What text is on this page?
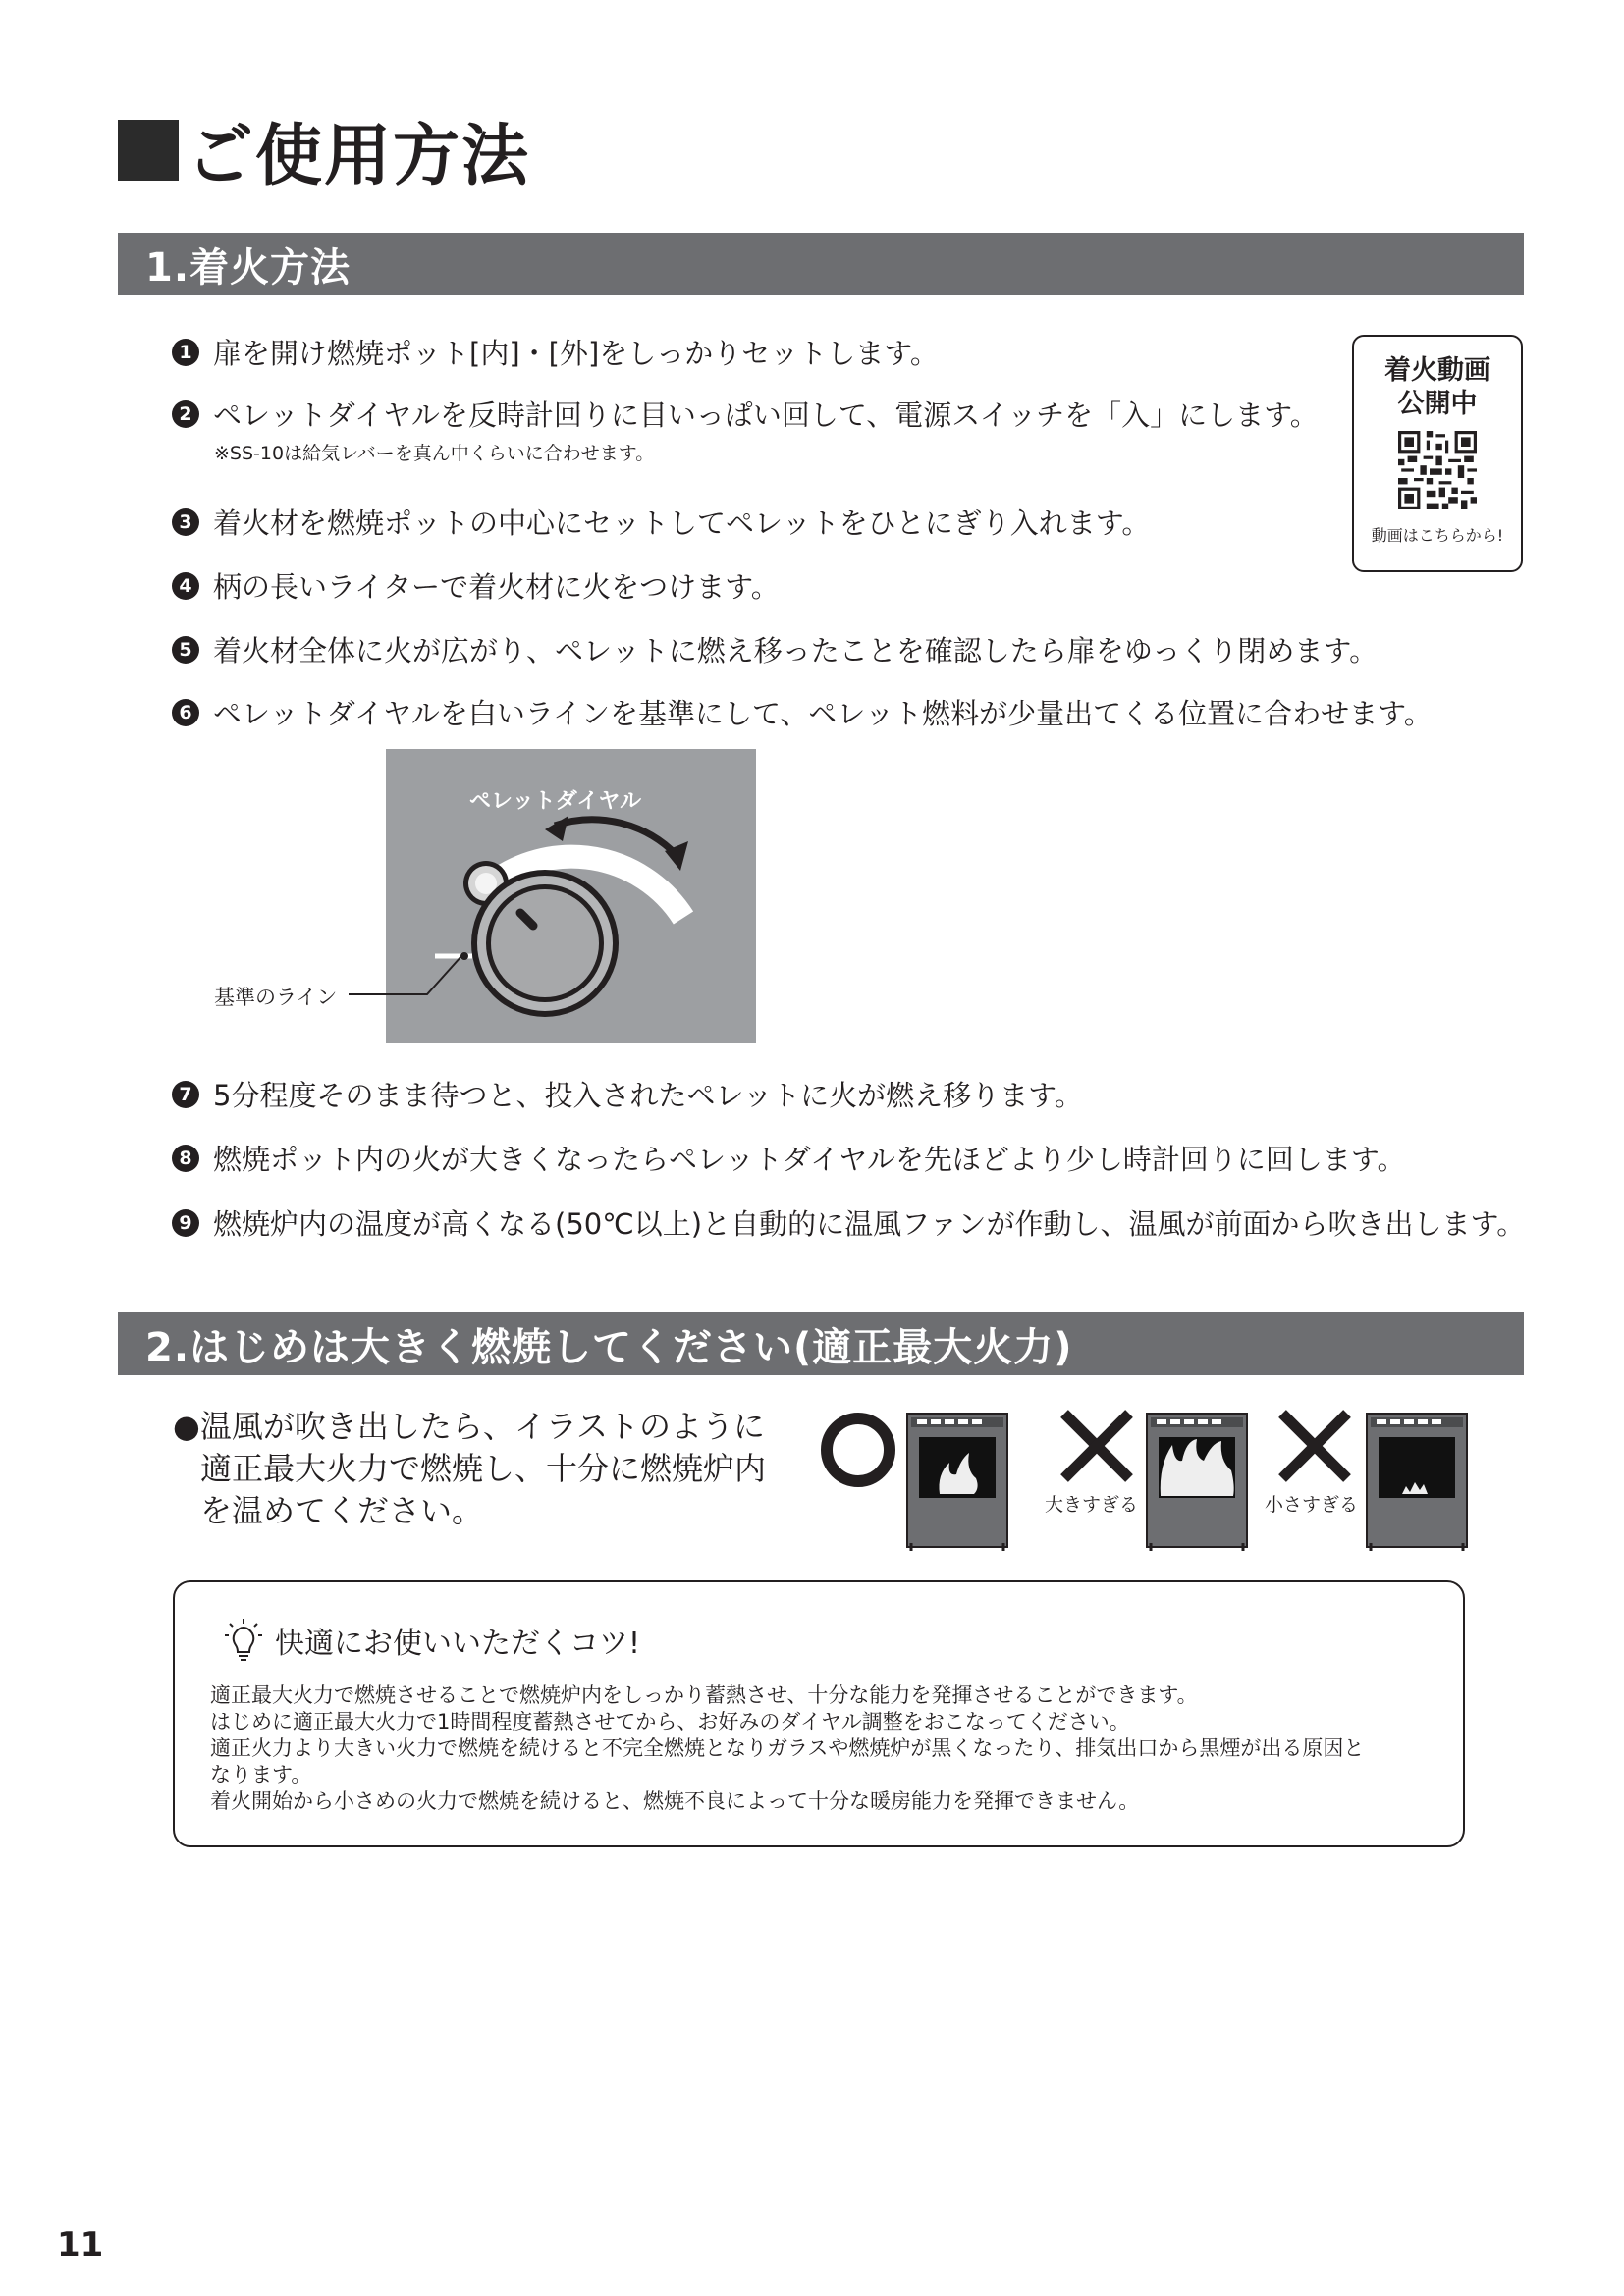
ご使用方法
1.着火方法
1 扉を開け燃焼ポット[内]・[外]をしっかりセットします。
2 ペレットダイヤルを反時計回りに目いっぱい回して、電源スイッチを「入」にします。
※SS-10は給気レバーを真ん中くらいに合わせます。
3 着火材を燃焼ポットの中心にセットしてペレットをひとにぎり入れます。
4 柄の長いライターで着火材に火をつけます。
5 着火材全体に火が広がり、ペレットに燃え移ったことを確認したら扉をゆっくり閉めます。
6 ペレットダイヤルを白いラインを基準にして、ペレット燃料が少量出てくる位置に合わせます。
着火動画
公開中
動画はこちらから!
ペレットダイヤル
基準のライン
7 5分程度そのまま待つと、投入されたペレットに火が燃え移ります。
8 燃焼ポット内の火が大きくなったらペレットダイヤルを先ほどより少し時計回りに回します。
9 燃焼炉内の温度が高くなる(50℃以上)と自動的に温風ファンが作動し、温風が前面から吹き出します。
2.はじめは大きく燃焼してください(適正最大火力)
●温風が吹き出したら、イラストのように
適正最大火力で燃焼し、十分に燃焼炉内
を温めてください。	大きすぎる	小さすぎる
快適にお使いいただくコツ!
適正最大火力で燃焼させることで燃焼炉内をしっかり蓄熱させ、十分な能力を発揮させることができます。
はじめに適正最大火力で1時間程度蓄熱させてから、お好みのダイヤル調整をおこなってください。
適正火力より大きい火力で燃焼を続けると不完全燃焼となりガラスや燃焼炉が黒くなったり、排気出口から黒煙が出る原因と
なります。
着火開始から小さめの火力で燃焼を続けると、燃焼不良によって十分な暖房能力を発揮できません。
11
